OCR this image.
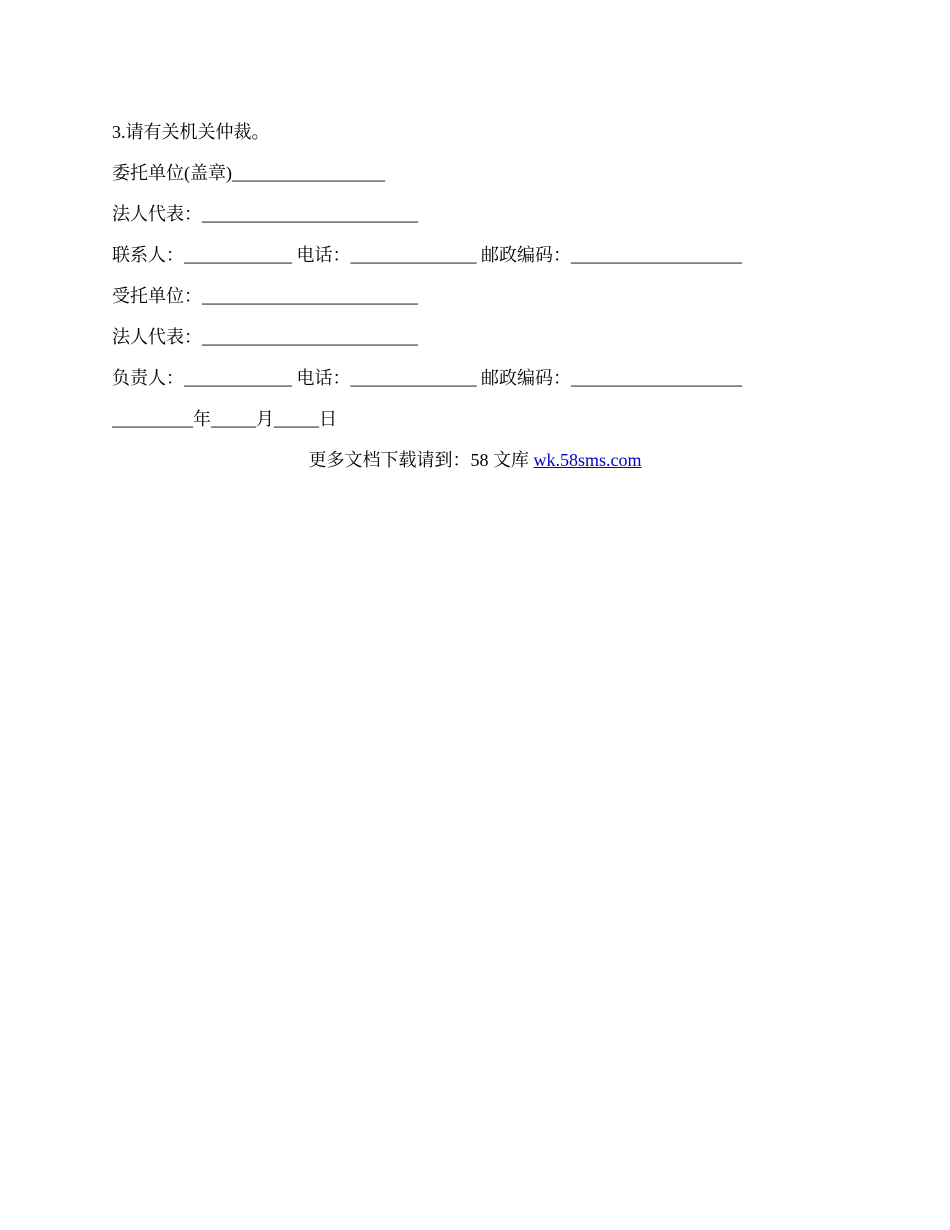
3.请有关机关仲裁。
委托单位(盖章)_________________
法人代表：________________________
联系人：____________ 电话：______________ 邮政编码：___________________
受托单位：________________________
法人代表：________________________
负责人：____________ 电话：______________ 邮政编码：___________________
_________年_____月_____日
更多文档下载请到：58 文库 wk.58sms.com
